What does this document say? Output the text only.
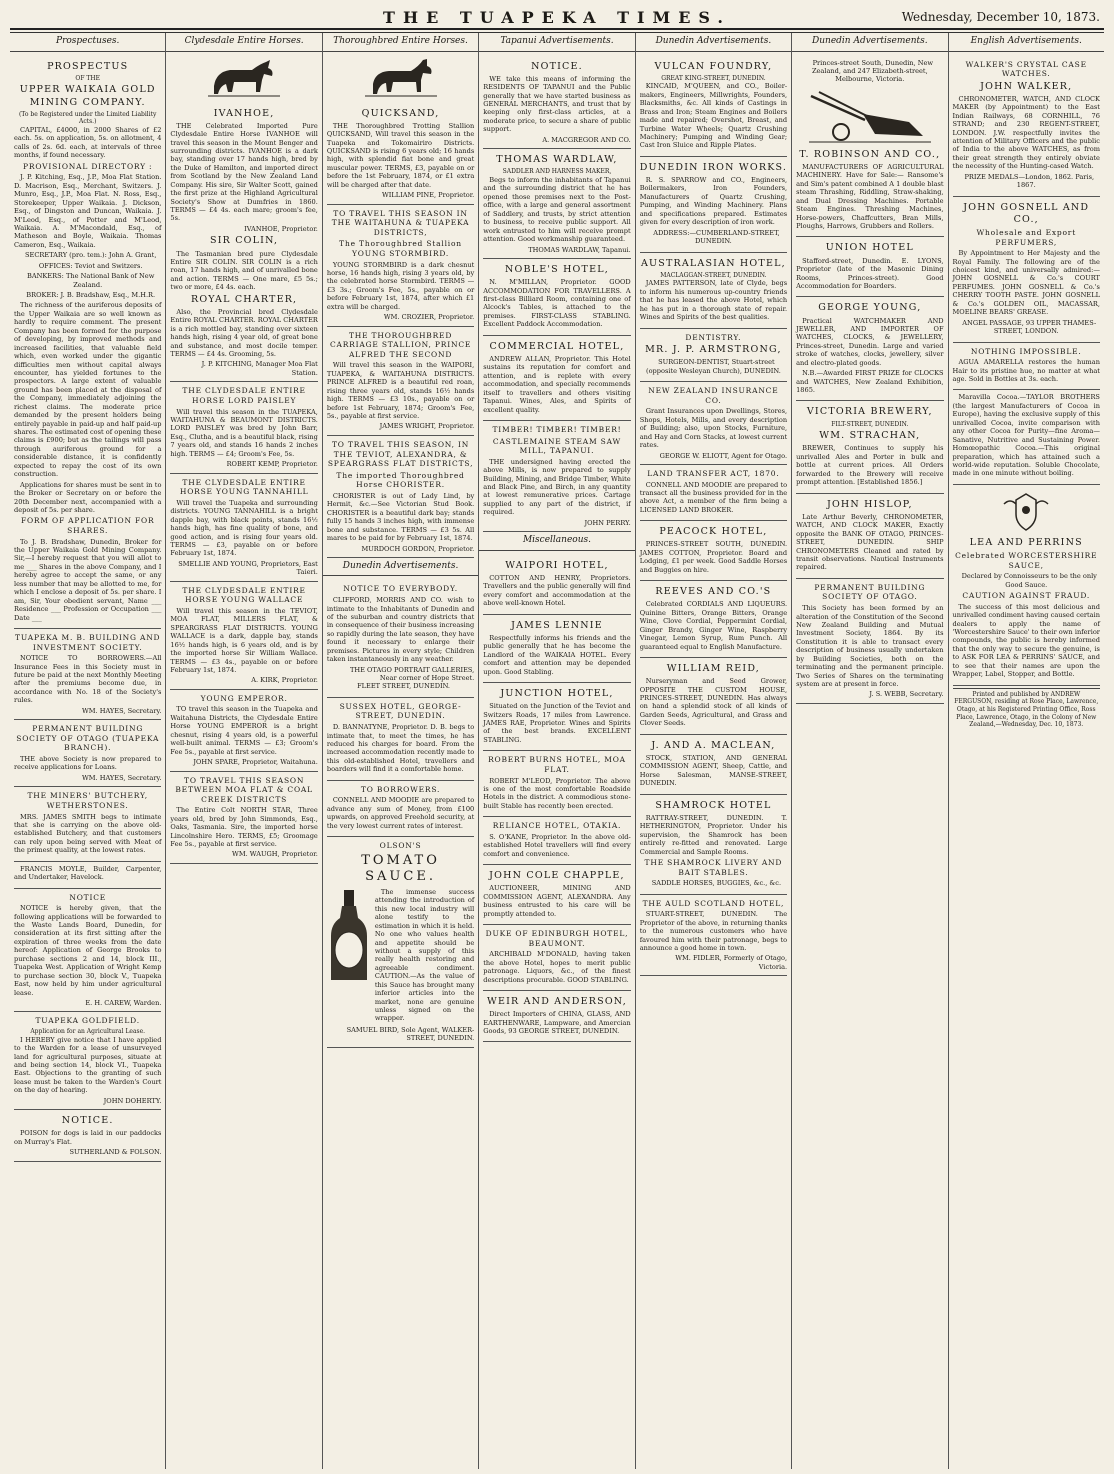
THE TUAPEKA TIMES.	Wednesday, December 10, 1873.
Prospectuses.
PROSPECTUS
OF THE
UPPER WAIKAIA GOLD MINING COMPANY.
(To be Registered under the Limited Liability Acts.)

CAPITAL, £4000, in 2000 Shares of £2 each. 5s. on application, 5s. on allotment, 4 calls of 2s. 6d. each, at intervals of three months, if found necessary.

PROVISIONAL DIRECTORY :

J. P. Kitching, Esq., J.P., Moa Flat Station. D. Macrison, Esq., Merchant, Switzers. J. Munro, Esq., J.P., Moa Flat. N. Ross, Esq., Storekeeper, Upper Waikaia. J. Dickson, Esq., of Dingston and Duncan, Waikaia. J. M'Leod, Esq., of Potter and M'Leod, Waikaia. A. M'Macondald, Esq., of Matheson and Boyle, Waikaia. Thomas Cameron, Esq., Waikaia.

SECRETARY (pro. tem.): John A. Grant,

OFFICES: Teviot and Switzers.

BANKERS: The National Bank of New Zealand.

BROKER: J. B. Bradshaw, Esq., M.H.R.

The richness of the auriferous deposits of the Upper Waikaia are so well known as hardly to require comment. The present Company has been formed for the purpose of developing, by improved methods and increased facilities, that valuable field which, even worked under the gigantic difficulties men without capital always encounter, has yielded fortunes to the prospectors. A large extent of valuable ground has been placed at the disposal of the Company, immediately adjoining the richest claims. The moderate price demanded by the present holders being entirely payable in paid-up and half paid-up shares. The estimated cost of opening these claims is £900; but as the tailings will pass through auriferous ground for a considerable distance, it is confidently expected to repay the cost of its own construction.

Applications for shares must be sent in to the Broker or Secretary on or before the 20th December next, accompanied with a deposit of 5s. per share.

FORM OF APPLICATION FOR SHARES.

To J. B. Bradshaw, Dunedin, Broker for the Upper Waikaia Gold Mining Company. Sir,—I hereby request that you will allot to me ___ Shares in the above Company, and I hereby agree to accept the same, or any less number that may be allotted to me, for which I enclose a deposit of 5s. per share. I am, Sir, Your obedient servant, Name ___ Residence ___ Profession or Occupation ___ Date ___

TUAPEKA M. B. BUILDING AND INVESTMENT SOCIETY.

NOTICE TO BORROWERS.—All Insurance Fees in this Society must in future be paid at the next Monthly Meeting after the premiums become due, in accordance with No. 18 of the Society's rules.

WM. HAYES, Secretary.

PERMANENT BUILDING SOCIETY OF OTAGO (TUAPEKA BRANCH).

THE above Society is now prepared to receive applications for Loans.

WM. HAYES, Secretary.

THE MINERS' BUTCHERY, WETHERSTONES.

MRS. JAMES SMITH begs to intimate that she is carrying on the above old-established Butchery, and that customers can rely upon being served with Meat of the primest quality, at the lowest rates.

FRANCIS MOYLE, Builder, Carpenter, and Undertaker, Havelock.

NOTICE

NOTICE is hereby given, that the following applications will be forwarded to the Waste Lands Board, Dunedin, for consideration at its first sitting after the expiration of three weeks from the date hereof: Application of George Brooks to purchase sections 2 and 14, block III., Tuapeka West. Application of Wright Kemp to purchase section 30, block V., Tuapeka East, now held by him under agricultural lease.

E. H. CAREW, Warden.

TUAPEKA GOLDFIELD.
Application for an Agricultural Lease.

I HEREBY give notice that I have applied to the Warden for a lease of unsurveyed land for agricultural purposes, situate at and being section 14, block VI., Tuapeka East. Objections to the granting of such lease must be taken to the Warden's Court on the day of hearing.

JOHN DOHERTY.

NOTICE.

POISON for dogs is laid in our paddocks on Murray's Flat.

SUTHERLAND & FOLSON.

Clydesdale Entire Horses.
IVANHOE,

THE Celebrated Imported Pure Clydesdale Entire Horse IVANHOE will travel this season in the Mount Benger and surrounding districts. IVANHOE is a dark bay, standing over 17 hands high, bred by the Duke of Hamilton, and imported direct from Scotland by the New Zealand Land Company. His sire, Sir Walter Scott, gained the first prize at the Highland Agricultural Society's Show at Dumfries in 1860. TERMS — £4 4s. each mare; groom's fee, 5s.

IVANHOE, Proprietor.

SIR COLIN,

The Tasmanian bred pure Clydesdale Entire SIR COLIN. SIR COLIN is a rich roan, 17 hands high, and of unrivalled bone and action. TERMS — One mare, £5 5s.; two or more, £4 4s. each.

ROYAL CHARTER,

Also, the Provincial bred Clydesdale Entire ROYAL CHARTER. ROYAL CHARTER is a rich mottled bay, standing over sixteen hands high, rising 4 year old, of great bone and substance, and most docile temper. TERMS — £4 4s. Grooming, 5s.

J. P. KITCHING, Manager Moa Flat Station.

THE CLYDESDALE ENTIRE HORSE LORD PAISLEY

Will travel this season in the TUAPEKA, WAITAHUNA & BEAUMONT DISTRICTS. LORD PAISLEY was bred by John Barr, Esq., Clutha, and is a beautiful black, rising 7 years old, and stands 16 hands 2 inches high. TERMS — £4; Groom's Fee, 5s.

ROBERT KEMP, Proprietor.

THE CLYDESDALE ENTIRE HORSE YOUNG TANNAHILL

Will travel the Tuapeka and surrounding districts. YOUNG TANNAHILL is a bright dapple bay, with black points, stands 16½ hands high, has fine quality of bone, and good action, and is rising four years old. TERMS — £3, payable on or before February 1st, 1874.

SMELLIE AND YOUNG, Proprietors, East Taieri.

THE CLYDESDALE ENTIRE HORSE YOUNG WALLACE

Will travel this season in the TEVIOT, MOA FLAT, MILLERS FLAT, & SPEARGRASS FLAT DISTRICTS. YOUNG WALLACE is a dark, dapple bay, stands 16½ hands high, is 6 years old, and is by the imported horse Sir William Wallace. TERMS — £3 4s., payable on or before February 1st, 1874.

A. KIRK, Proprietor.

YOUNG EMPEROR.

TO travel this season in the Tuapeka and Waitahuna Districts, the Clydesdale Entire Horse YOUNG EMPEROR is a bright chesnut, rising 4 years old, is a powerful well-built animal. TERMS — £3; Groom's Fee 5s., payable at first service.

JOHN SPARE, Proprietor, Waitahuna.

TO TRAVEL THIS SEASON BETWEEN MOA FLAT & COAL CREEK DISTRICTS

The Entire Colt NORTH STAR, Three years old, bred by John Simmonds, Esq., Oaks, Tasmania. Sire, the imported horse Lincolnshire Hero. TERMS, £5; Groomage Fee 5s., payable at first service.

WM. WAUGH, Proprietor.

Thoroughbred Entire Horses.
QUICKSAND,

THE Thoroughbred Trotting Stallion QUICKSAND, Will travel this season in the Tuapeka and Tokomairiro Districts. QUICKSAND is rising 6 years old; 16 hands high, with splendid fiat bone and great muscular power. TERMS, £3, payable on or before the 1st February, 1874, or £1 extra will be charged after that date.

WILLIAM PINE, Proprietor.

TO TRAVEL THIS SEASON IN THE WAITAHUNA & TUAPEKA DISTRICTS,
The Thoroughbred Stallion YOUNG STORMBIRD.

YOUNG STORMBIRD is a dark chesnut horse, 16 hands high, rising 3 years old, by the celebrated horse Stormbird. TERMS — £3 3s.; Groom's Fee, 5s., payable on or before February 1st, 1874, after which £1 extra will be charged.

WM. CROZIER, Proprietor.

THE THOROUGHBRED CARRIAGE STALLION, PRINCE ALFRED THE SECOND

Will travel this season in the WAIPORI, TUAPEKA, & WAITAHUNA DISTRICTS. PRINCE ALFRED is a beautiful red roan, rising three years old, stands 16½ hands high. TERMS — £3 10s., payable on or before 1st February, 1874; Groom's Fee, 5s., payable at first service.

JAMES WRIGHT, Proprietor.

TO TRAVEL THIS SEASON, IN THE TEVIOT, ALEXANDRA, & SPEARGRASS FLAT DISTRICTS,
The imported Thoroughbred Horse CHORISTER.

CHORISTER is out of Lady Lind, by Hermit, &c.—See Victorian Stud Book. CHORISTER is a beautiful dark bay; stands fully 15 hands 3 inches high, with immense bone and substance. TERMS — £3 5s. All mares to be paid for by February 1st, 1874.

MURDOCH GORDON, Proprietor.

Dunedin Advertisements.
NOTICE TO EVERYBODY.

CLIFFORD, MORRIS AND CO. wish to intimate to the Inhabitants of Dunedin and of the suburban and country districts that in consequence of their business increasing so rapidly during the late season, they have found it necessary to enlarge their premises. Pictures in every style; Children taken instantaneously in any weather.

THE OTAGO PORTRAIT GALLERIES, Near corner of Hope Street.

FLEET STREET, DUNEDIN.

SUSSEX HOTEL, GEORGE-STREET, DUNEDIN.

D. BANNATYNE, Proprietor. D. B. begs to intimate that, to meet the times, he has reduced his charges for board. From the increased accommodation recently made to this old-established Hotel, travellers and boarders will find it a comfortable home.

TO BORROWERS.

CONNELL AND MOODIE are prepared to advance any sum of Money, from £100 upwards, on approved Freehold security, at the very lowest current rates of interest.

OLSON'S
TOMATO SAUCE.

The immense success attending the introduction of this new local industry will alone testify to the estimation in which it is held. No one who values health and appetite should be without a supply of this really health restoring and agreeable condiment. CAUTION.—As the value of this Sauce has brought many inferior articles into the market, none are genuine unless signed on the wrapper.

SAMUEL BIRD, Sole Agent, WALKER-STREET, DUNEDIN.

Tapanui Advertisements.
NOTICE.

WE take this means of informing the RESIDENTS OF TAPANUI and the Public generally that we have started business as GENERAL MERCHANTS, and trust that by keeping only first-class articles, at a moderate price, to secure a share of public support.

A. MACGREGOR AND CO.

THOMAS WARDLAW,
SADDLER AND HARNESS MAKER,

Begs to inform the inhabitants of Tapanui and the surrounding district that he has opened those premises next to the Post-office, with a large and general assortment of Saddlery, and trusts, by strict attention to business, to receive public support. All work entrusted to him will receive prompt attention. Good workmanship guaranteed.

THOMAS WARDLAW, Tapanui.

NOBLE'S HOTEL,

N. M'MILLAN, Proprietor. GOOD ACCOMMODATION FOR TRAVELLERS. A first-class Billiard Room, containing one of Alcock's Tables, is attached to the premises. FIRST-CLASS STABLING. Excellent Paddock Accommodation.

COMMERCIAL HOTEL,

ANDREW ALLAN, Proprietor. This Hotel sustains its reputation for comfort and attention, and is replete with every accommodation, and specially recommends itself to travellers and others visiting Tapanui. Wines, Ales, and Spirits of excellent quality.

TIMBER! TIMBER! TIMBER!
CASTLEMAINE STEAM SAW MILL, TAPANUI.

THE undersigned having erected the above Mills, is now prepared to supply Building, Mining, and Bridge Timber, White and Black Pine, and Birch, in any quantity at lowest remunerative prices. Cartage supplied to any part of the district, if required.

JOHN PERRY.

Miscellaneous.
WAIPORI HOTEL,

COTTON AND HENRY, Proprietors. Travellers and the public generally will find every comfort and accommodation at the above well-known Hotel.

JAMES LENNIE

Respectfully informs his friends and the public generally that he has become the Landlord of the WAIKAIA HOTEL. Every comfort and attention may be depended upon. Good Stabling.

JUNCTION HOTEL,

Situated on the Junction of the Teviot and Switzers Roads, 17 miles from Lawrence. JAMES RAE, Proprietor. Wines and Spirits of the best brands. EXCELLENT STABLING.

ROBERT BURNS HOTEL, MOA FLAT.

ROBERT M'LEOD, Proprietor. The above is one of the most comfortable Roadside Hotels in the district. A commodious stone-built Stable has recently been erected.

RELIANCE HOTEL, OTAKIA.

S. O'KANE, Proprietor. In the above old-established Hotel travellers will find every comfort and convenience.

JOHN COLE CHAPPLE,

AUCTIONEER, MINING AND COMMISSION AGENT, ALEXANDRA. Any business entrusted to his care will be promptly attended to.

DUKE OF EDINBURGH HOTEL, BEAUMONT.

ARCHIBALD M'DONALD, having taken the above Hotel, hopes to merit public patronage. Liquors, &c., of the finest descriptions procurable. GOOD STABLING.

WEIR AND ANDERSON,

Direct Importers of CHINA, GLASS, AND EARTHENWARE, Lampware, and Amercian Goods, 93 GEORGE STREET, DUNEDIN.

Dunedin Advertisements.
VULCAN FOUNDRY,
GREAT KING-STREET, DUNEDIN.

KINCAID, M'QUEEN, and CO., Boiler-makers, Engineers, Millwrights, Founders, Blacksmiths, &c. All kinds of Castings in Brass and Iron; Steam Engines and Boilers made and repaired; Overshot, Breast, and Turbine Water Wheels; Quartz Crushing Machinery; Pumping and Winding Gear; Cast Iron Sluice and Ripple Plates.

DUNEDIN IRON WORKS.

R. S. SPARROW and CO., Engineers, Boilermakers, Iron Founders, Manufacturers of Quartz Crushing, Pumping, and Winding Machinery. Plans and specifications prepared. Estimates given for every description of iron work.

ADDRESS:—CUMBERLAND-STREET, DUNEDIN.

AUSTRALASIAN HOTEL,
MACLAGGAN-STREET, DUNEDIN.

JAMES PATTERSON, late of Clyde, begs to inform his numerous up-country friends that he has leased the above Hotel, which he has put in a thorough state of repair. Wines and Spirits of the best qualities.

DENTISTRY.
MR. J. P. ARMSTRONG,

SURGEON-DENTIST, Stuart-street (opposite Wesleyan Church), DUNEDIN.

NEW ZEALAND INSURANCE CO.

Grant Insurances upon Dwellings, Stores, Shops, Hotels, Mills, and every description of Building; also, upon Stocks, Furniture, and Hay and Corn Stacks, at lowest current rates.

GEORGE W. ELIOTT, Agent for Otago.

LAND TRANSFER ACT, 1870.

CONNELL AND MOODIE are prepared to transact all the business provided for in the above Act, a member of the firm being a LICENSED LAND BROKER.

PEACOCK HOTEL,

PRINCES-STREET SOUTH, DUNEDIN. JAMES COTTON, Proprietor. Board and Lodging, £1 per week. Good Saddle Horses and Buggies on hire.

REEVES AND CO.'S

Celebrated CORDIALS AND LIQUEURS. Quinine Bitters, Orange Bitters, Orange Wine, Clove Cordial, Peppermint Cordial, Ginger Brandy, Ginger Wine, Raspberry Vinegar, Lemon Syrup, Rum Punch. All guaranteed equal to English Manufacture.

WILLIAM REID,

Nurseryman and Seed Grower, OPPOSITE THE CUSTOM HOUSE, PRINCES-STREET, DUNEDIN. Has always on hand a splendid stock of all kinds of Garden Seeds, Agricultural, and Grass and Clover Seeds.

J. AND A. MACLEAN,

STOCK, STATION, AND GENERAL COMMISSION AGENT, Sheep, Cattle, and Horse Salesman, MANSE-STREET, DUNEDIN.

SHAMROCK HOTEL

RATTRAY-STREET, DUNEDIN. T. HETHERINGTON, Proprietor. Under his supervision, the Shamrock has been entirely re-fitted and renovated. Large Commercial and Sample Rooms.

THE SHAMROCK LIVERY AND BAIT STABLES.

SADDLE HORSES, BUGGIES, &c., &c.

THE AULD SCOTLAND HOTEL,

STUART-STREET, DUNEDIN. The Proprietor of the above, in returning thanks to the numerous customers who have favoured him with their patronage, begs to announce a good home in town.

WM. FIDLER, Formerly of Otago, Victoria.

Dunedin Advertisements.

Princes-street South, Dunedin, New Zealand, and 247 Elizabeth-street, Melbourne, Victoria.

T. ROBINSON AND CO.,

MANUFACTURERS OF AGRICULTURAL MACHINERY. Have for Sale:— Ransome's and Sim's patent combined A 1 double blast steam Thrashing, Riddling, Straw-shaking, and Dual Dressing Machines. Portable Steam Engines. Threshing Machines, Horse-powers, Chaffcutters, Bran Mills, Ploughs, Harrows, Grubbers and Rollers.

UNION HOTEL

Stafford-street, Dunedin. E. LYONS, Proprietor (late of the Masonic Dining Rooms, Princes-street). Good Accommodation for Boarders.

GEORGE YOUNG,

Practical WATCHMAKER AND JEWELLER, AND IMPORTER OF WATCHES, CLOCKS, & JEWELLERY, Princes-street, Dunedin. Large and varied stroke of watches, clocks, jewellery, silver and electro-plated goods.

N.B.—Awarded FIRST PRIZE for CLOCKS and WATCHES, New Zealand Exhibition, 1865.

VICTORIA BREWERY,
FILT-STREET, DUNEDIN.
WM. STRACHAN,

BREWER, Continues to supply his unrivalled Ales and Porter in bulk and bottle at current prices. All Orders forwarded to the Brewery will receive prompt attention. [Established 1856.]

JOHN HISLOP,

Late Arthur Beverly, CHRONOMETER, WATCH, AND CLOCK MAKER, Exactly opposite the BANK OF OTAGO, PRINCES-STREET, DUNEDIN. SHIP CHRONOMETERS Cleaned and rated by transit observations. Nautical Instruments repaired.

PERMANENT BUILDING SOCIETY OF OTAGO.

This Society has been formed by an alteration of the Constitution of the Second New Zealand Building and Mutual Investment Society, 1864. By its Constitution it is able to transact every description of business usually undertaken by Building Societies, both on the terminating and the permanent principle. Two Series of Shares on the terminating system are at present in force.

J. S. WEBB, Secretary.

English Advertisements.
WALKER'S CRYSTAL CASE WATCHES.
JOHN WALKER,

CHRONOMETER, WATCH, AND CLOCK MAKER (by Appointment) to the East Indian Railways, 68 CORNHILL, 76 STRAND; and 230 REGENT-STREET, LONDON. J.W. respectfully invites the attention of Military Officers and the public of India to the above WATCHES, as from their great strength they entirely obviate the necessity of the Hunting-cased Watch.

PRIZE MEDALS—London, 1862. Paris, 1867.

JOHN GOSNELL AND CO.,
Wholesale and Export PERFUMERS,

By Appointment to Her Majesty and the Royal Family. The following are of the choicest kind, and universally admired:— JOHN GOSNELL & Co.'s COURT PERFUMES. JOHN GOSNELL & Co.'s CHERRY TOOTH PASTE. JOHN GOSNELL & Co.'s GOLDEN OIL, MACASSAR, MOELINE BEARS' GREASE.

ANGEL PASSAGE, 93 UPPER THAMES-STREET, LONDON.

NOTHING IMPOSSIBLE.

AGUA AMARELLA restores the human Hair to its pristine hue, no matter at what age. Sold in Bottles at 3s. each.

Maravilla Cocoa.—TAYLOR BROTHERS (the largest Manufacturers of Cocoa in Europe), having the exclusive supply of this unrivalled Cocoa, invite comparison with any other Cocoa for Purity—fine Aroma—Sanative, Nutritive and Sustaining Power. Homœopathic Cocoa.—This original preparation, which has attained such a world-wide reputation. Soluble Chocolate, made in one minute without boiling.

LEA AND PERRINS
Celebrated WORCESTERSHIRE SAUCE,

Declared by Connoisseurs to be the only Good Sauce.

CAUTION AGAINST FRAUD.

The success of this most delicious and unrivalled condiment having caused certain dealers to apply the name of 'Worcestershire Sauce' to their own inferior compounds, the public is hereby informed that the only way to secure the genuine, is to ASK FOR LEA & PERRINS' SAUCE, and to see that their names are upon the Wrapper, Label, Stopper, and Bottle.

Printed and published by ANDREW FERGUSON, residing at Rose Place, Lawrence, Otago, at his Registered Printing Office, Ross Place, Lawrence, Otago, in the Colony of New Zealand,—Wednesday, Dec. 10, 1873.
